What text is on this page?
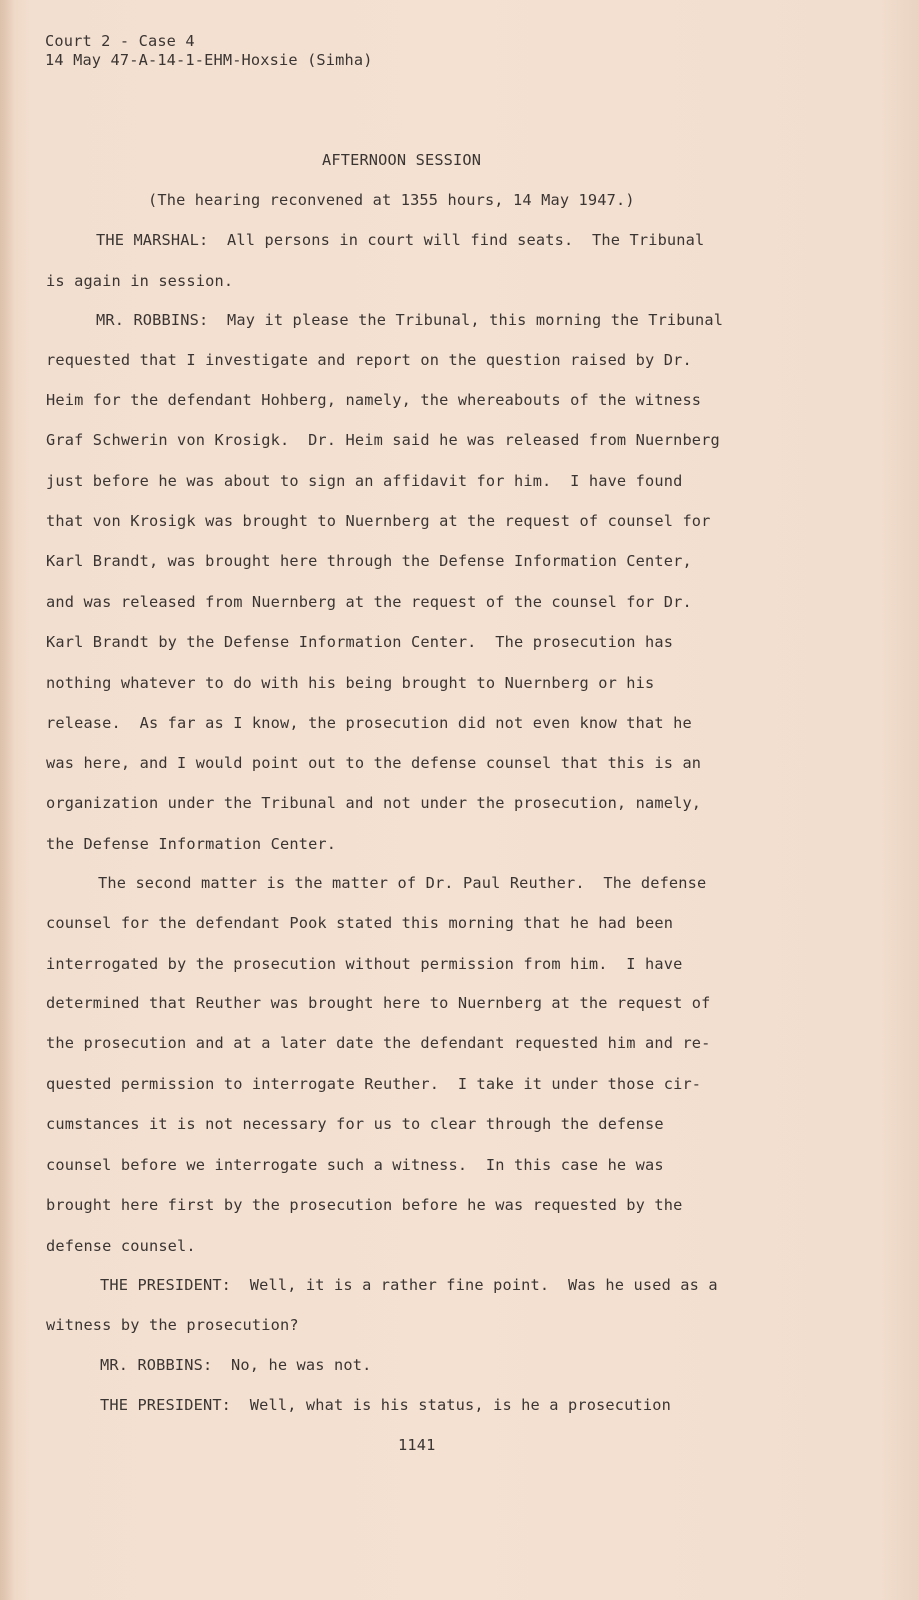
Court 2 - Case 4
14 May 47-A-14-1-EHM-Hoxsie (Simha)
AFTERNOON SESSION
(The hearing reconvened at 1355 hours, 14 May 1947.)
THE MARSHAL:  All persons in court will find seats.  The Tribunal
is again in session.
MR. ROBBINS:  May it please the Tribunal, this morning the Tribunal
requested that I investigate and report on the question raised by Dr.
Heim for the defendant Hohberg, namely, the whereabouts of the witness
Graf Schwerin von Krosigk.  Dr. Heim said he was released from Nuernberg
just before he was about to sign an affidavit for him.  I have found
that von Krosigk was brought to Nuernberg at the request of counsel for
Karl Brandt, was brought here through the Defense Information Center,
and was released from Nuernberg at the request of the counsel for Dr.
Karl Brandt by the Defense Information Center.  The prosecution has
nothing whatever to do with his being brought to Nuernberg or his
release.  As far as I know, the prosecution did not even know that he
was here, and I would point out to the defense counsel that this is an
organization under the Tribunal and not under the prosecution, namely,
the Defense Information Center.
The second matter is the matter of Dr. Paul Reuther.  The defense
counsel for the defendant Pook stated this morning that he had been
interrogated by the prosecution without permission from him.  I have
determined that Reuther was brought here to Nuernberg at the request of
the prosecution and at a later date the defendant requested him and re-
quested permission to interrogate Reuther.  I take it under those cir-
cumstances it is not necessary for us to clear through the defense
counsel before we interrogate such a witness.  In this case he was
brought here first by the prosecution before he was requested by the
defense counsel.
THE PRESIDENT:  Well, it is a rather fine point.  Was he used as a
witness by the prosecution?
MR. ROBBINS:  No, he was not.
THE PRESIDENT:  Well, what is his status, is he a prosecution
1141
